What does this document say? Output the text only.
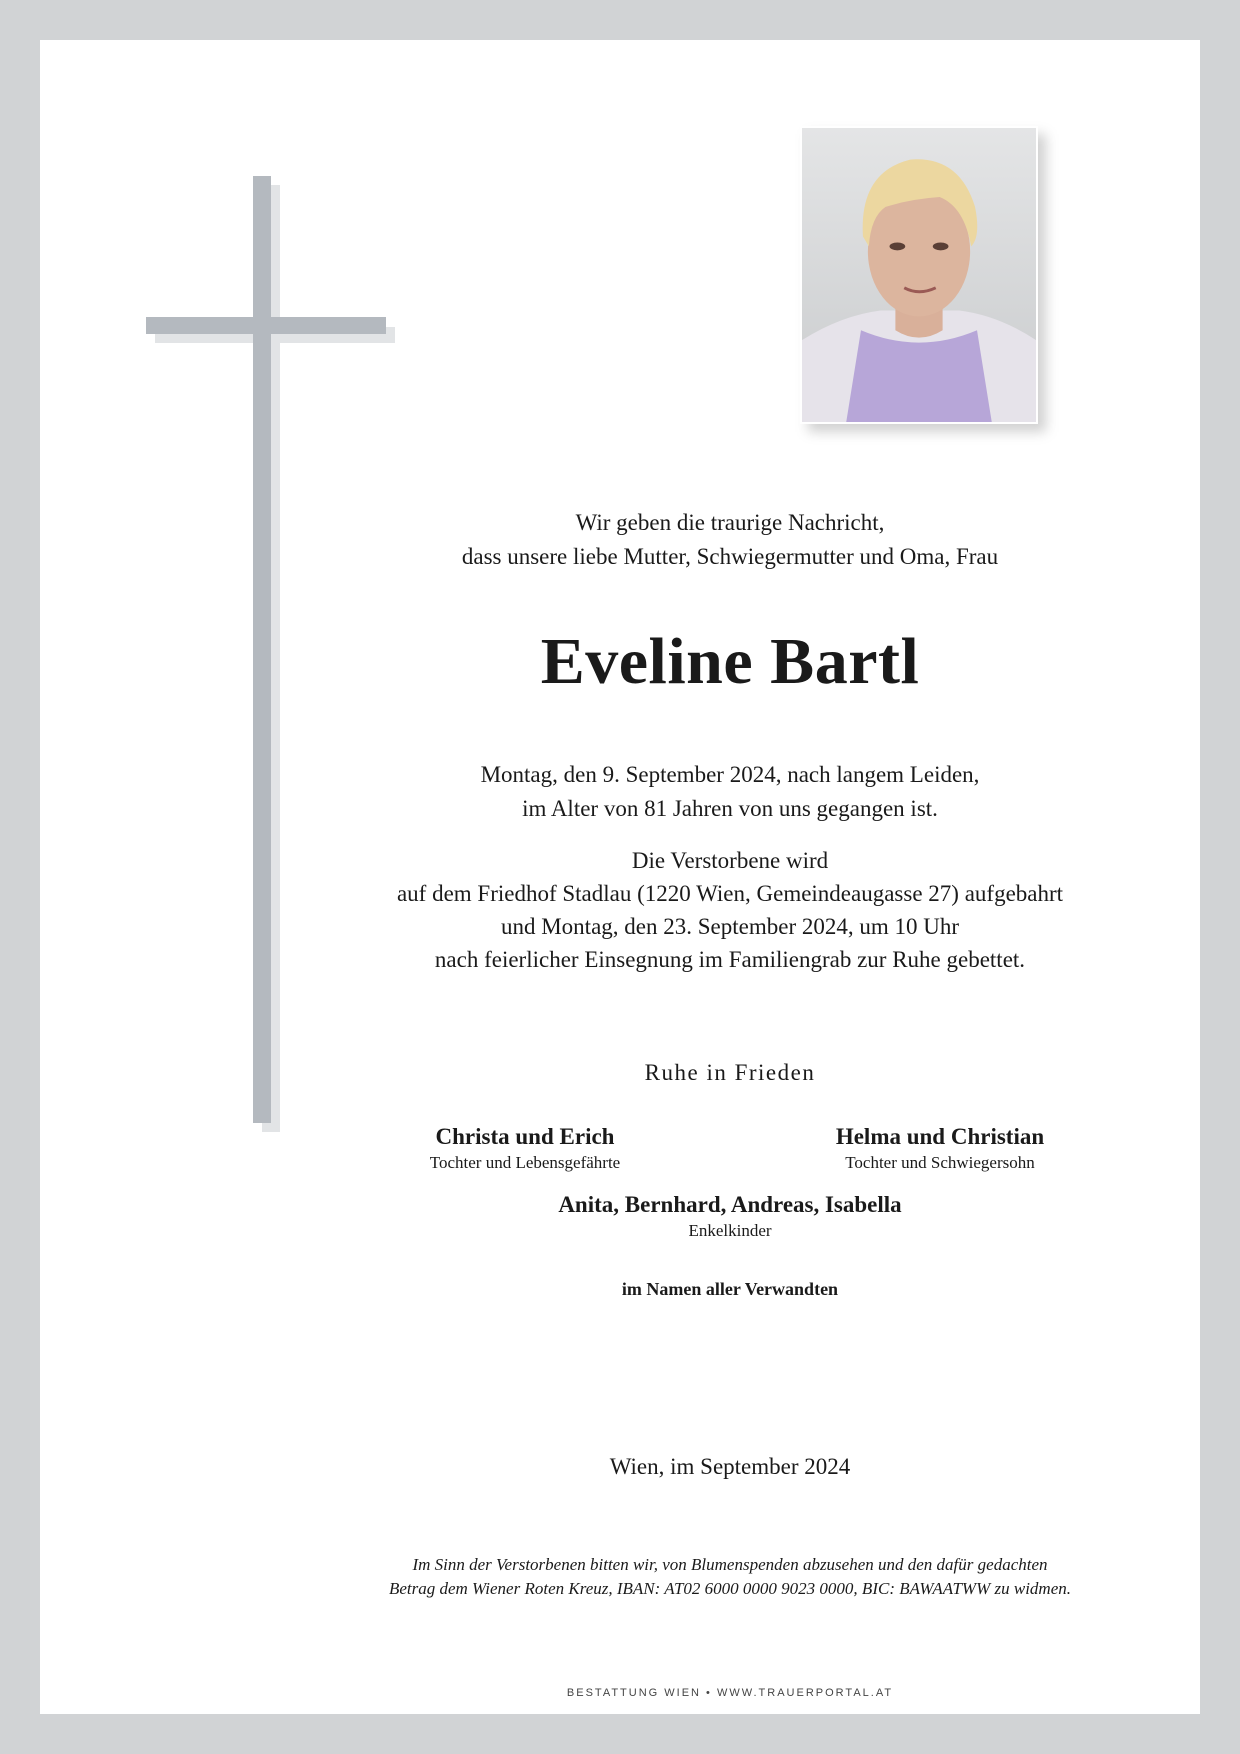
Wir geben die traurige Nachricht,
dass unsere liebe Mutter, Schwiegermutter und Oma, Frau
Eveline Bartl
Montag, den 9. September 2024, nach langem Leiden,
im Alter von 81 Jahren von uns gegangen ist.
Die Verstorbene wird
auf dem Friedhof Stadlau (1220 Wien, Gemeindeaugasse 27) aufgebahrt
und Montag, den 23. September 2024, um 10 Uhr
nach feierlicher Einsegnung im Familiengrab zur Ruhe gebettet.
Ruhe in Frieden
Christa und Erich
Tochter und Lebensgefährte
Helma und Christian
Tochter und Schwiegersohn
Anita, Bernhard, Andreas, Isabella
Enkelkinder
im Namen aller Verwandten
Wien, im September 2024
Im Sinn der Verstorbenen bitten wir, von Blumenspenden abzusehen und den dafür gedachten
Betrag dem Wiener Roten Kreuz, IBAN: AT02 6000 0000 9023 0000, BIC: BAWAATWW zu widmen.
BESTATTUNG WIEN • WWW.TRAUERPORTAL.AT
